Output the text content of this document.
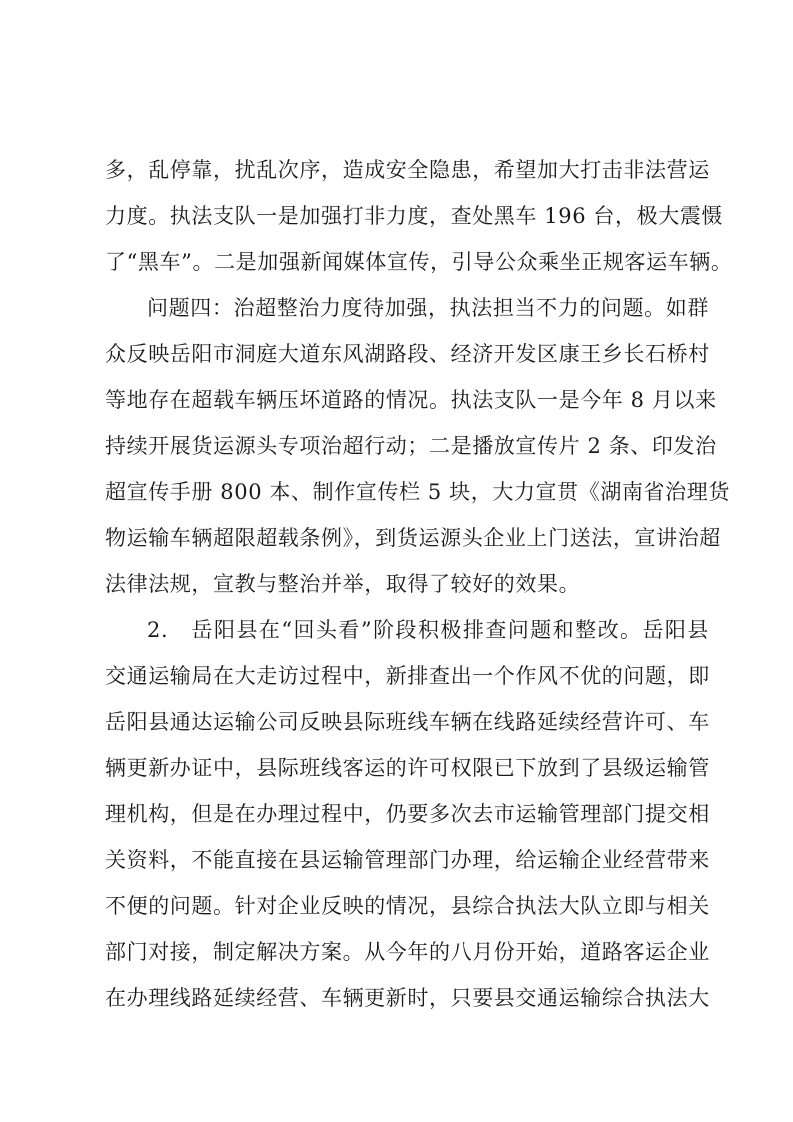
多，乱停靠，扰乱次序，造成安全隐患，希望加大打击非法营运
力度。执法支队一是加强打非力度，查处黑车 196 台，极大震慑
了“黑车”。二是加强新闻媒体宣传，引导公众乘坐正规客运车辆。
问题四：治超整治力度待加强，执法担当不力的问题。如群
众反映岳阳市洞庭大道东风湖路段、经济开发区康王乡长石桥村
等地存在超载车辆压坏道路的情况。执法支队一是今年 8 月以来
持续开展货运源头专项治超行动；二是播放宣传片 2 条、印发治
超宣传手册 800 本、制作宣传栏 5 块，大力宣贯《湖南省治理货
物运输车辆超限超载条例》，到货运源头企业上门送法，宣讲治超
法律法规，宣教与整治并举，取得了较好的效果。
2.　岳阳县在“回头看”阶段积极排查问题和整改。岳阳县
交通运输局在大走访过程中，新排查出一个作风不优的问题，即
岳阳县通达运输公司反映县际班线车辆在线路延续经营许可、车
辆更新办证中，县际班线客运的许可权限已下放到了县级运输管
理机构，但是在办理过程中，仍要多次去市运输管理部门提交相
关资料，不能直接在县运输管理部门办理，给运输企业经营带来
不便的问题。针对企业反映的情况，县综合执法大队立即与相关
部门对接，制定解决方案。从今年的八月份开始，道路客运企业
在办理线路延续经营、车辆更新时，只要县交通运输综合执法大
